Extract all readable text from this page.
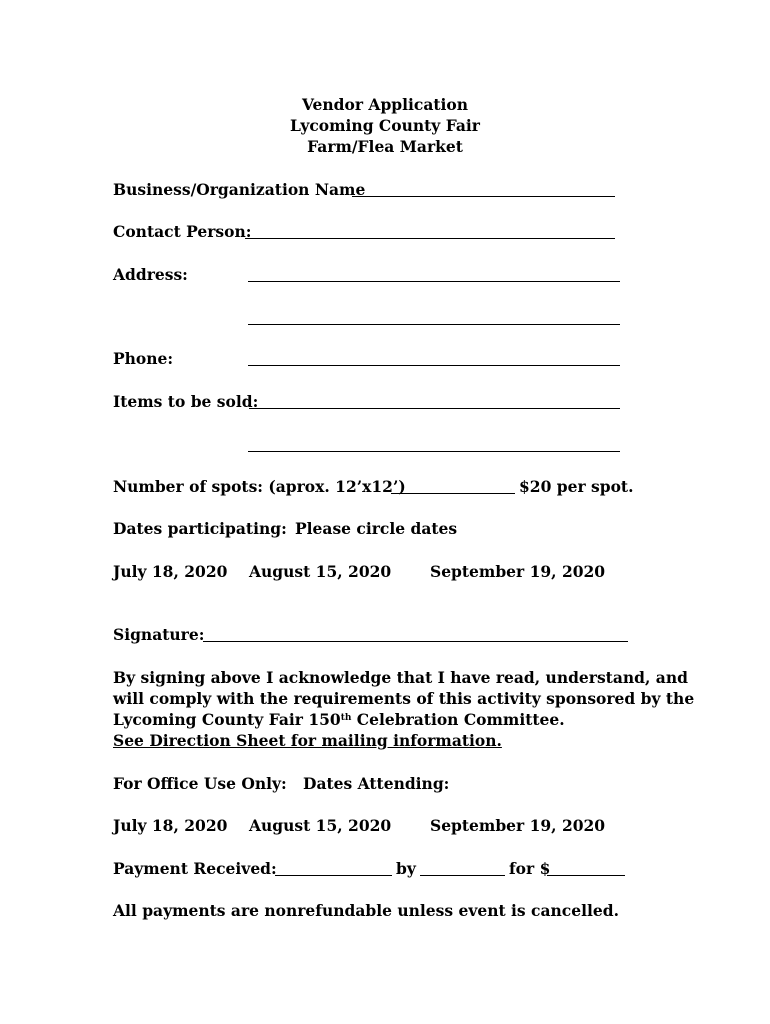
Vendor Application
Lycoming County Fair
Farm/Flea Market
Business/Organization Name
Contact Person:
Address:
Phone:
Items to be sold:
Number of spots: (aprox. 12’x12’)	$20 per spot.
Dates participating: Please circle dates
July 18, 2020 August 15, 2020	September 19, 2020
Signature:
By signing above I acknowledge that I have read, understand, and
will comply with the requirements of this activity sponsored by the
Lycoming County Fair 150th Celebration Committee.
See Direction Sheet for mailing information.
For Office Use Only: Dates Attending:
July 18, 2020 August 15, 2020	September 19, 2020
Payment Received:	by	for $
All payments are nonrefundable unless event is cancelled.
